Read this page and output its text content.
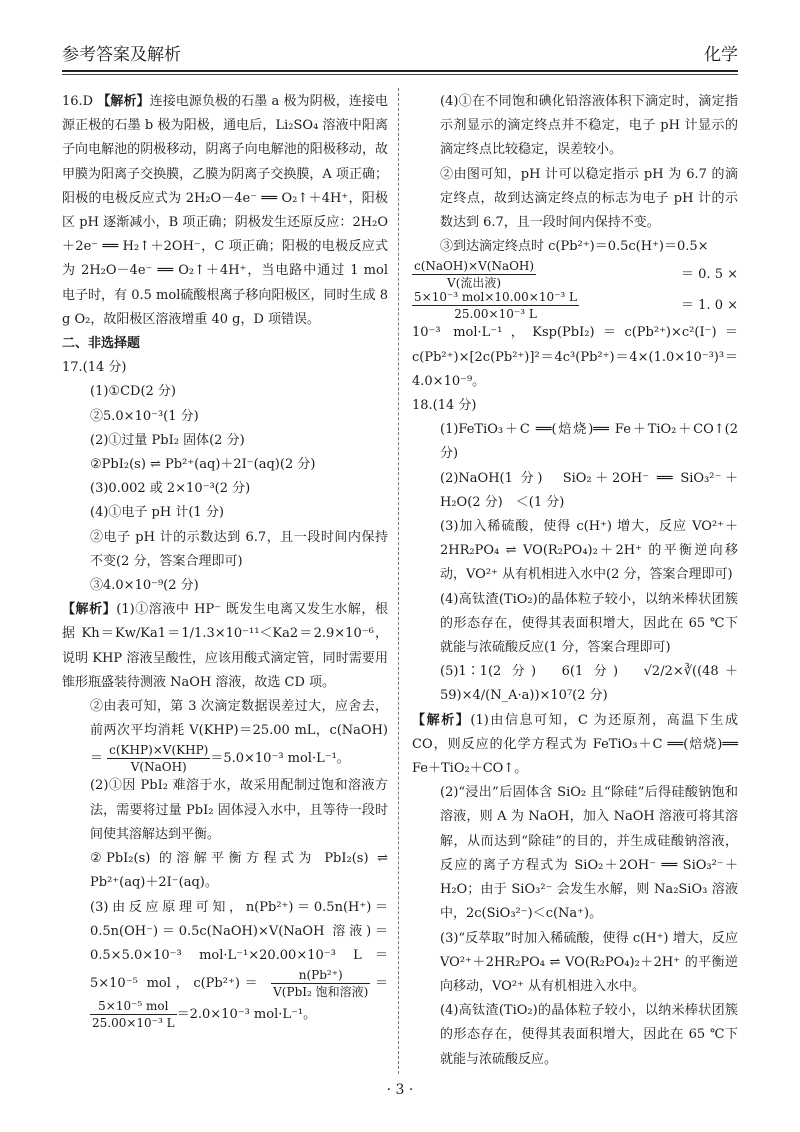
参考答案及解析	化学

16.D 【解析】连接电源负极的石墨 a 极为阴极，连接电源正极的石墨 b 极为阳极，通电后，Li₂SO₄ 溶液中阳离子向电解池的阴极移动，阴离子向电解池的阳极移动，故甲膜为阳离子交换膜，乙膜为阴离子交换膜，A 项正确；阳极的电极反应式为 2H₂O－4e⁻ ══ O₂↑＋4H⁺，阳极区 pH 逐渐减小，B 项正确；阴极发生还原反应：2H₂O＋2e⁻ ══ H₂↑＋2OH⁻，C 项正确；阳极的电极反应式为 2H₂O－4e⁻ ══ O₂↑＋4H⁺，当电路中通过 1 mol 电子时，有 0.5 mol硫酸根离子移向阳极区，同时生成 8 g O₂，故阳极区溶液增重 40 g，D 项错误。

二、非选择题

17.(14 分)

(1)①CD(2 分)

②5.0×10⁻³(1 分)

(2)①过量 PbI₂ 固体(2 分)

②PbI₂(s) ⇌ Pb²⁺(aq)＋2I⁻(aq)(2 分)

(3)0.002 或 2×10⁻³(2 分)

(4)①电子 pH 计(1 分)

②电子 pH 计的示数达到 6.7，且一段时间内保持不变(2 分，答案合理即可)

③4.0×10⁻⁹(2 分)

【解析】(1)①溶液中 HP⁻ 既发生电离又发生水解，根据 Kh＝Kw/Ka1＝1/1.3×10⁻¹¹＜Ka2＝2.9×10⁻⁶，说明 KHP 溶液呈酸性，应该用酸式滴定管，同时需要用锥形瓶盛装待测液 NaOH 溶液，故选 CD 项。

②由表可知，第 3 次滴定数据误差过大，应舍去，前两次平均消耗 V(KHP)＝25.00 mL，c(NaOH)＝ $\frac{\text{c(KHP)×V(KHP)}}{\text{V(NaOH)}} =5.0\times 10^{-3}$ mol·L⁻¹。

(2)①因 PbI₂ 难溶于水，故采用配制过饱和溶液方法，需要将过量 PbI₂ 固体浸入水中，且等待一段时间使其溶解达到平衡。

②PbI₂(s) 的溶解平衡方程式为 PbI₂(s) ⇌ Pb²⁺(aq)＋2I⁻(aq)。

(3)由反应原理可知，n(Pb²⁺)＝0.5n(H⁺)＝0.5n(OH⁻)＝0.5c(NaOH)×V(NaOH 溶液)＝0.5×5.0×10⁻³ mol·L⁻¹×20.00×10⁻³ L＝5×10⁻⁵ mol，$c(Pb^{2+})= \frac{\text{n(Pb²⁺)}}{\text{V(PbI₂ 饱和溶液)}}$ ＝
$\frac{\text{5×10⁻⁵ mol}}{\text{25.00×10⁻³ L}} =2.0\times 10^{-3}$ mol·L⁻¹。

(4)①在不同饱和碘化铅溶液体积下滴定时，滴定指示剂显示的滴定终点并不稳定，电子 pH 计显示的滴定终点比较稳定，误差较小。

②由图可知，pH 计可以稳定指示 pH 为 6.7 的滴定终点，故到达滴定终点的标志为电子 pH 计的示数达到 6.7，且一段时间内保持不变。

③到达滴定终点时 c(Pb²⁺)＝0.5c(H⁺)＝0.5×

$\frac{\text{c(NaOH)×V(NaOH)}}{\text{V(流出液)}}$	＝ 0. 5 ×
$\frac{\text{5×10⁻³ mol×10.00×10⁻³ L}}{\text{25.00×10⁻³ L}}$	＝ 1. 0 ×

10⁻³ mol·L⁻¹，Ksp(PbI₂)＝c(Pb²⁺)×c²(I⁻)＝c(Pb²⁺)×[2c(Pb²⁺)]²＝4c³(Pb²⁺)＝4×(1.0×10⁻³)³＝4.0×10⁻⁹。

18.(14 分)

(1)FeTiO₃＋C ══(焙烧)══ Fe＋TiO₂＋CO↑(2 分)

(2)NaOH(1 分)　SiO₂＋2OH⁻ ══ SiO₃²⁻＋H₂O(2 分)　＜(1 分)

(3)加入稀硫酸，使得 c(H⁺) 增大，反应 VO²⁺＋2HR₂PO₄ ⇌ VO(R₂PO₄)₂＋2H⁺ 的平衡逆向移动，VO²⁺ 从有机相进入水中(2 分，答案合理即可)

(4)高钛渣(TiO₂)的晶体粒子较小，以纳米棒状团簇的形态存在，使得其表面积增大，因此在 65 ℃下就能与浓硫酸反应(1 分，答案合理即可)

(5)1∶1(2 分)　6(1 分)　√2/2×∛((48＋59)×4/(N_A·a))×10⁷(2 分)

【解析】(1)由信息可知，C 为还原剂，高温下生成 CO，则反应的化学方程式为 FeTiO₃＋C ══(焙烧)══ Fe＋TiO₂＋CO↑。

(2)“浸出”后固体含 SiO₂ 且“除硅”后得硅酸钠饱和溶液，则 A 为 NaOH，加入 NaOH 溶液可将其溶解，从而达到“除硅”的目的，并生成硅酸钠溶液，反应的离子方程式为 SiO₂＋2OH⁻ ══ SiO₃²⁻＋H₂O；由于 SiO₃²⁻ 会发生水解，则 Na₂SiO₃ 溶液中，2c(SiO₃²⁻)＜c(Na⁺)。

(3)“反萃取”时加入稀硫酸，使得 c(H⁺) 增大，反应 VO²⁺＋2HR₂PO₄ ⇌ VO(R₂PO₄)₂＋2H⁺ 的平衡逆向移动，VO²⁺ 从有机相进入水中。

(4)高钛渣(TiO₂)的晶体粒子较小，以纳米棒状团簇的形态存在，使得其表面积增大，因此在 65 ℃下就能与浓硫酸反应。

· 3 ·
